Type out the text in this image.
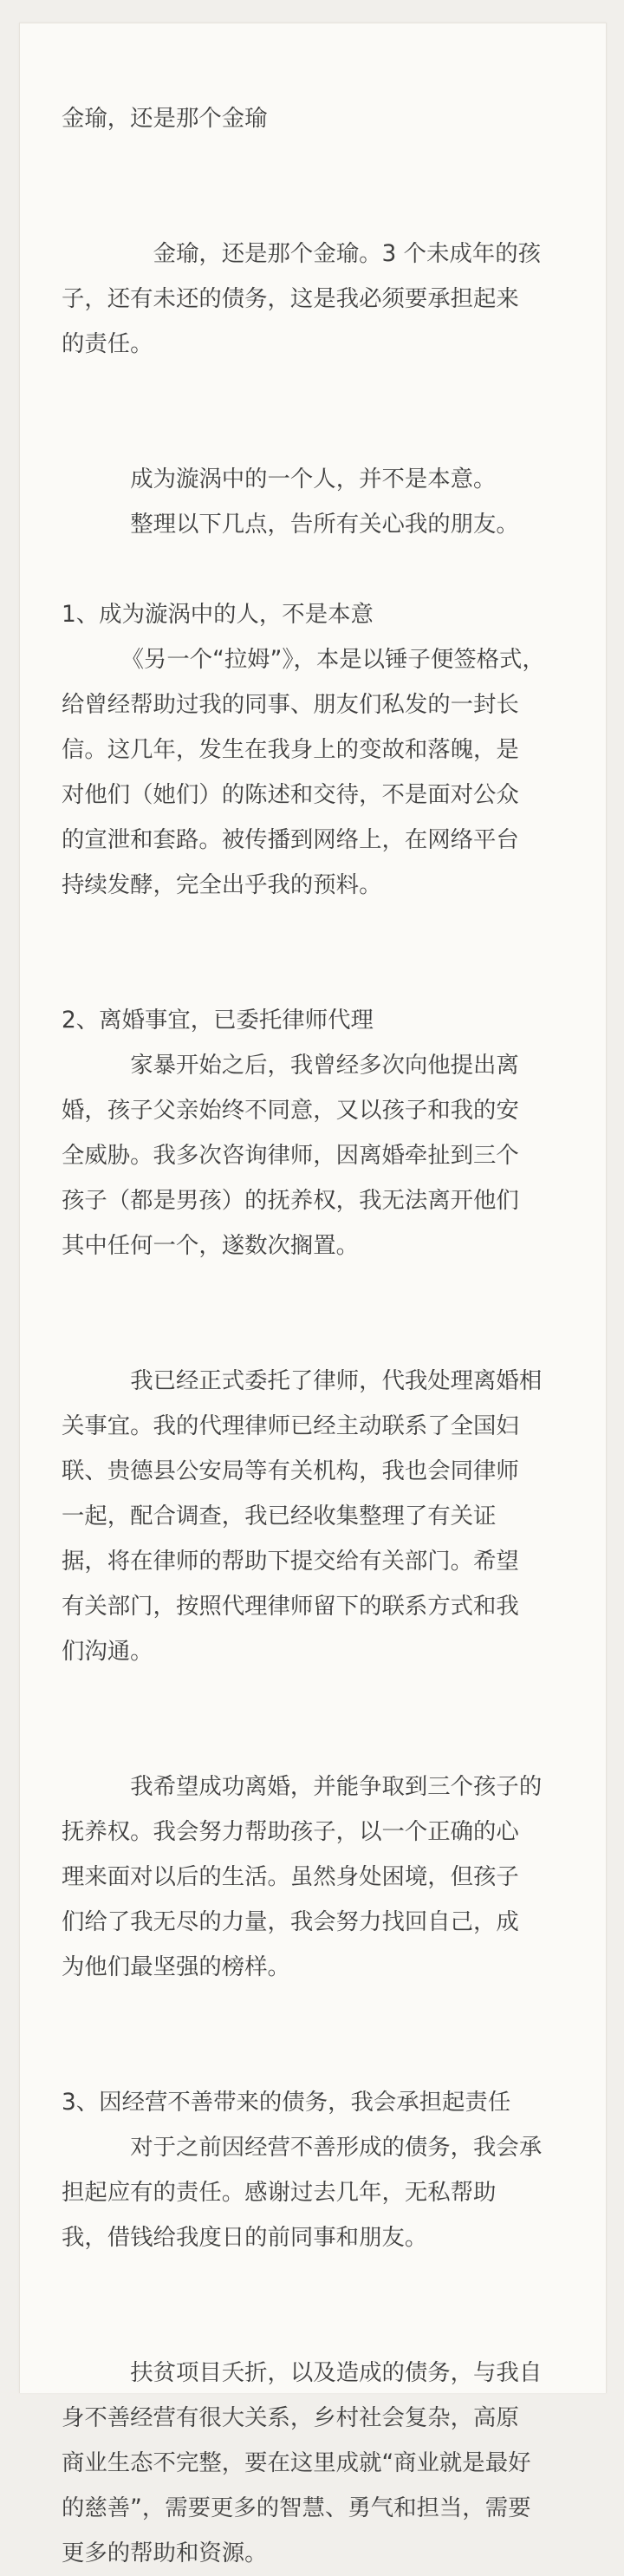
金瑜，还是那个金瑜

金瑜，还是那个金瑜。3 个未成年的孩

子，还有未还的债务，这是我必须要承担起来

的责任。

成为漩涡中的一个人，并不是本意。

整理以下几点，告所有关心我的朋友。

1、成为漩涡中的人，不是本意

《另一个“拉姆”》，本是以锤子便签格式，

给曾经帮助过我的同事、朋友们私发的一封长

信。这几年，发生在我身上的变故和落魄，是

对他们（她们）的陈述和交待，不是面对公众

的宣泄和套路。被传播到网络上，在网络平台

持续发酵，完全出乎我的预料。

2、离婚事宜，已委托律师代理

家暴开始之后，我曾经多次向他提出离

婚，孩子父亲始终不同意，又以孩子和我的安

全威胁。我多次咨询律师，因离婚牵扯到三个

孩子（都是男孩）的抚养权，我无法离开他们

其中任何一个，遂数次搁置。

我已经正式委托了律师，代我处理离婚相

关事宜。我的代理律师已经主动联系了全国妇

联、贵德县公安局等有关机构，我也会同律师

一起，配合调查，我已经收集整理了有关证

据，将在律师的帮助下提交给有关部门。希望

有关部门，按照代理律师留下的联系方式和我

们沟通。

我希望成功离婚，并能争取到三个孩子的

抚养权。我会努力帮助孩子，以一个正确的心

理来面对以后的生活。虽然身处困境，但孩子

们给了我无尽的力量，我会努力找回自己，成

为他们最坚强的榜样。

3、因经营不善带来的债务，我会承担起责任

对于之前因经营不善形成的债务，我会承

担起应有的责任。感谢过去几年，无私帮助

我，借钱给我度日的前同事和朋友。

扶贫项目夭折，以及造成的债务，与我自

身不善经营有很大关系，乡村社会复杂，高原

商业生态不完整，要在这里成就“商业就是最好

的慈善”，需要更多的智慧、勇气和担当，需要

更多的帮助和资源。
